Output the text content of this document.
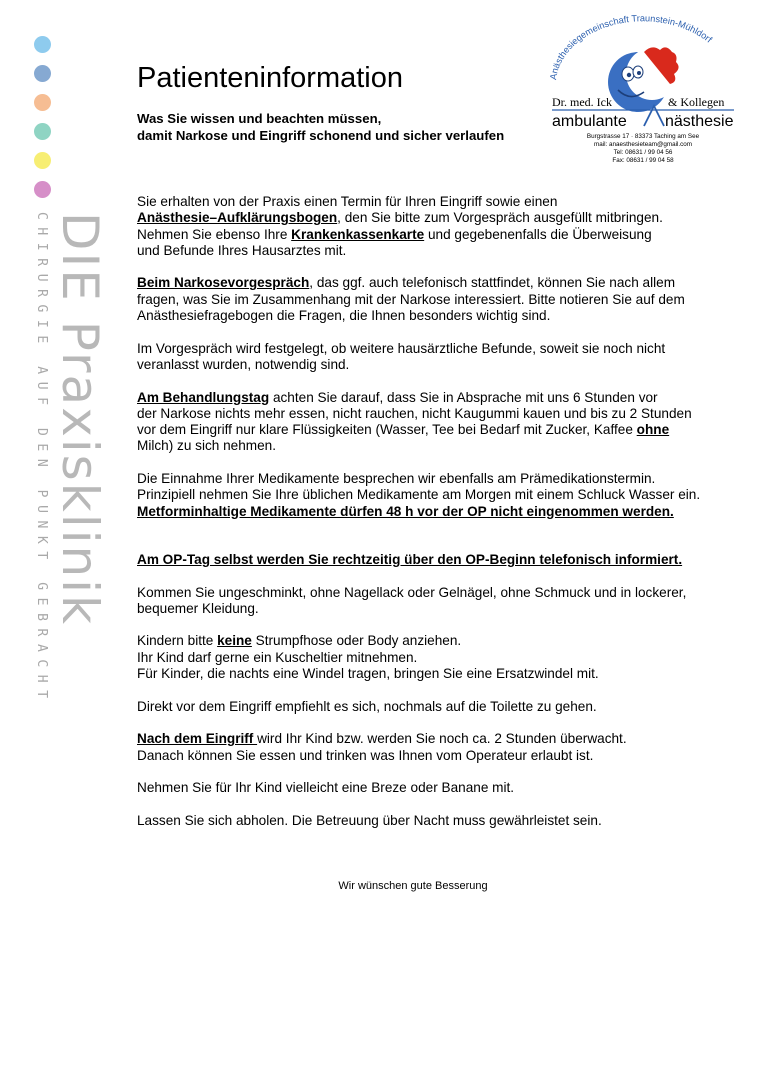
CHIRURGIE AUF DEN PUNKT GEBRACHT DIE Praxisklinik
Patienteninformation
Was Sie wissen und beachten müssen,
damit Narkose und Eingriff schonend und sicher verlaufen
Anästhesiegemeinschaft Traunstein-Mühldorf
Dr. med. Ick	& Kollegen
ambulante nästhesie
Burgstrasse 17 · 83373 Taching am See
mail: anaesthesieteam@gmail.com
Tel: 08631 / 99 04 56
Fax: 08631 / 99 04 58

Sie erhalten von der Praxis einen Termin für Ihren Eingriff sowie einen
Anästhesie–Aufklärungsbogen, den Sie bitte zum Vorgespräch ausgefüllt mitbringen.
Nehmen Sie ebenso Ihre Krankenkassenkarte und gegebenenfalls die Überweisung
und Befunde Ihres Hausarztes mit.

Beim Narkosevorgespräch, das ggf. auch telefonisch stattfindet, können Sie nach allem
fragen, was Sie im Zusammenhang mit der Narkose interessiert. Bitte notieren Sie auf dem
Anästhesiefragebogen die Fragen, die Ihnen besonders wichtig sind.

Im Vorgespräch wird festgelegt, ob weitere hausärztliche Befunde, soweit sie noch nicht
veranlasst wurden, notwendig sind.

Am Behandlungstag achten Sie darauf, dass Sie in Absprache mit uns 6 Stunden vor
der Narkose nichts mehr essen, nicht rauchen, nicht Kaugummi kauen und bis zu 2 Stunden
vor dem Eingriff nur klare Flüssigkeiten (Wasser, Tee bei Bedarf mit Zucker, Kaffee ohne
Milch) zu sich nehmen.

Die Einnahme Ihrer Medikamente besprechen wir ebenfalls am Prämedikationstermin.
Prinzipiell nehmen Sie Ihre üblichen Medikamente am Morgen mit einem Schluck Wasser ein.
Metforminhaltige Medikamente dürfen 48 h vor der OP nicht eingenommen werden.

Am OP-Tag selbst werden Sie rechtzeitig über den OP-Beginn telefonisch informiert.

Kommen Sie ungeschminkt, ohne Nagellack oder Gelnägel, ohne Schmuck und in lockerer,
bequemer Kleidung.

Kindern bitte keine Strumpfhose oder Body anziehen.
Ihr Kind darf gerne ein Kuscheltier mitnehmen.
Für Kinder, die nachts eine Windel tragen, bringen Sie eine Ersatzwindel mit.

Direkt vor dem Eingriff empfiehlt es sich, nochmals auf die Toilette zu gehen.

Nach dem Eingriff wird Ihr Kind bzw. werden Sie noch ca. 2 Stunden überwacht.
Danach können Sie essen und trinken was Ihnen vom Operateur erlaubt ist.

Nehmen Sie für Ihr Kind vielleicht eine Breze oder Banane mit.

Lassen Sie sich abholen. Die Betreuung über Nacht muss gewährleistet sein.

Wir wünschen gute Besserung
